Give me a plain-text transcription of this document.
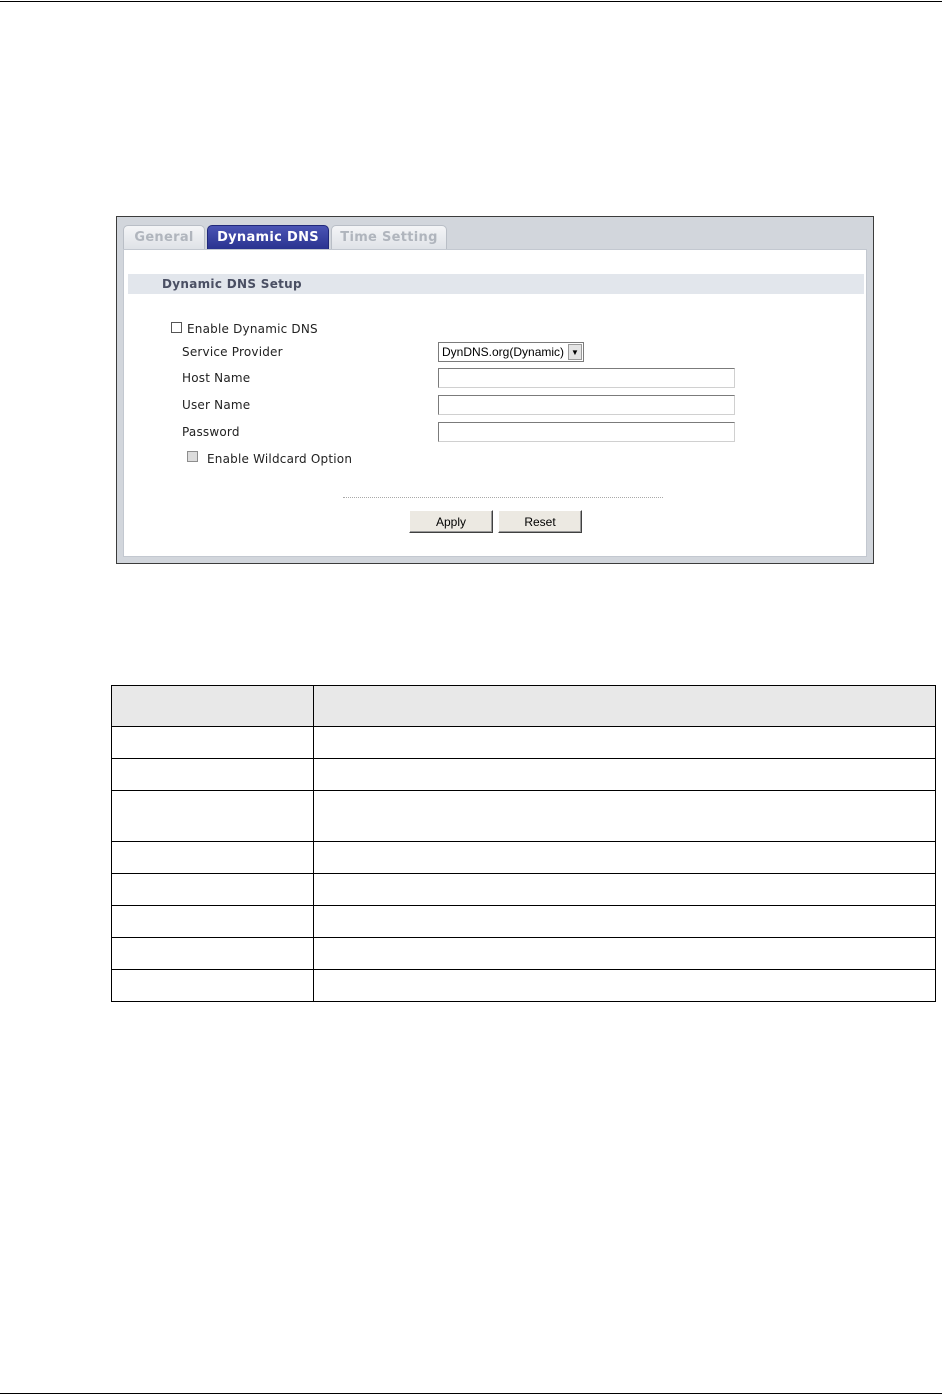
General	Dynamic DNS	Time Setting
Dynamic DNS Setup
Enable Dynamic DNS
Service Provider	DynDNS.org(Dynamic) ▼
Host Name
User Name
Password
Enable Wildcard Option
Apply	Reset
